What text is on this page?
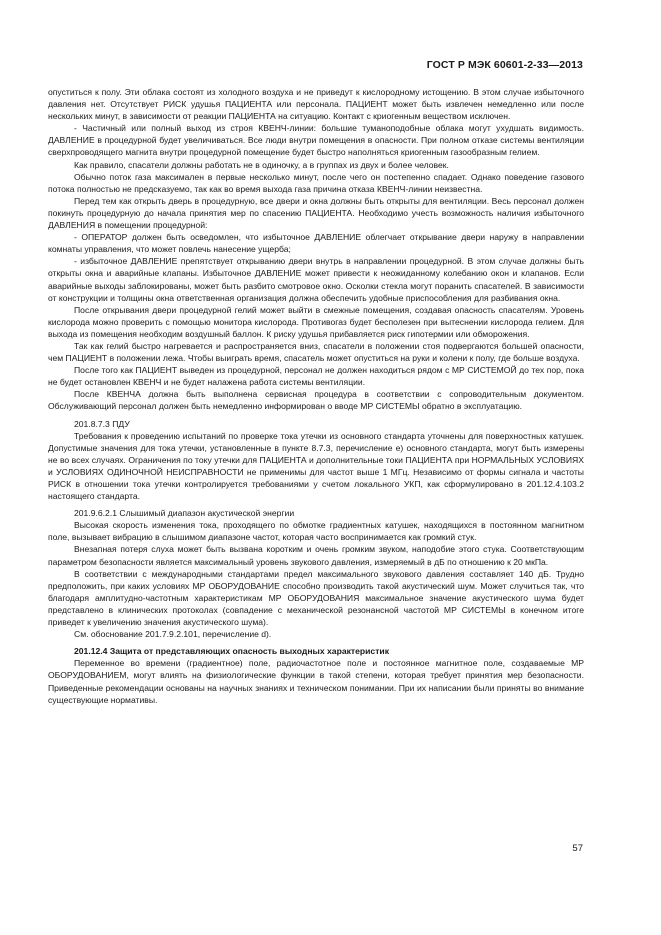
ГОСТ Р МЭК 60601-2-33—2013

опуститься к полу. Эти облака состоят из холодного воздуха и не приведут к кислородному истощению. В этом случае избыточного давления нет. Отсутствует РИСК удушья ПАЦИЕНТА или персонала. ПАЦИЕНТ может быть извлечен немедленно или после нескольких минут, в зависимости от реакции ПАЦИЕНТА на ситуацию. Контакт с криогенным веществом исключен.

- Частичный или полный выход из строя КВЕНЧ-линии: большие туманоподобные облака могут ухудшать видимость. ДАВЛЕНИЕ в процедурной будет увеличиваться. Все люди внутри помещения в опасности. При полном отказе системы вентиляции сверхпроводящего магнита внутри процедурной помещение будет быстро наполняться криогенным газообразным гелием.

Как правило, спасатели должны работать не в одиночку, а в группах из двух и более человек.

Обычно поток газа максимален в первые несколько минут, после чего он постепенно спадает. Однако поведение газового потока полностью не предсказуемо, так как во время выхода газа причина отказа КВЕНЧ-линии неизвестна.

Перед тем как открыть дверь в процедурную, все двери и окна должны быть открыты для вентиляции. Весь персонал должен покинуть процедурную до начала принятия мер по спасению ПАЦИЕНТА. Необходимо учесть возможность наличия избыточного ДАВЛЕНИЯ в помещении процедурной:

- ОПЕРАТОР должен быть осведомлен, что избыточное ДАВЛЕНИЕ облегчает открывание двери наружу в направлении комнаты управления, что может повлечь нанесение ущерба;

- избыточное ДАВЛЕНИЕ препятствует открыванию двери внутрь в направлении процедурной. В этом случае должны быть открыты окна и аварийные клапаны. Избыточное ДАВЛЕНИЕ может привести к неожиданному колебанию окон и клапанов. Если аварийные выходы заблокированы, может быть разбито смотровое окно. Осколки стекла могут поранить спасателей. В зависимости от конструкции и толщины окна ответственная организация должна обеспечить удобные приспособления для разбивания окна.

После открывания двери процедурной гелий может выйти в смежные помещения, создавая опасность спасателям. Уровень кислорода можно проверить с помощью монитора кислорода. Противогаз будет бесполезен при вытеснении кислорода гелием. Для выхода из помещения необходим воздушный баллон. К риску удушья прибавляется риск гипотермии или обморожения.

Так как гелий быстро нагревается и распространяется вниз, спасатели в положении стоя подвергаются большей опасности, чем ПАЦИЕНТ в положении лежа. Чтобы выиграть время, спасатель может опуститься на руки и колени к полу, где больше воздуха.

После того как ПАЦИЕНТ выведен из процедурной, персонал не должен находиться рядом с МР СИСТЕМОЙ до тех пор, пока не будет остановлен КВЕНЧ и не будет налажена работа системы вентиляции.

После КВЕНЧА должна быть выполнена сервисная процедура в соответствии с сопроводительным документом. Обслуживающий персонал должен быть немедленно информирован о вводе МР СИСТЕМЫ обратно в эксплуатацию.

201.8.7.3 ПДУ

Требования к проведению испытаний по проверке тока утечки из основного стандарта уточнены для поверхностных катушек. Допустимые значения для тока утечки, установленные в пункте 8.7.3, перечисление е) основного стандарта, могут быть измерены не во всех случаях. Ограничения по току утечки для ПАЦИЕНТА и дополнительные токи ПАЦИЕНТА при НОРМАЛЬНЫХ УСЛОВИЯХ и УСЛОВИЯХ ОДИНОЧНОЙ НЕИСПРАВНОСТИ не применимы для частот выше 1 МГц. Независимо от формы сигнала и частоты РИСК в отношении тока утечки контролируется требованиями у счетом локального УКП, как сформулировано в 201.12.4.103.2 настоящего стандарта.

201.9.6.2.1 Слышимый диапазон акустической энергии

Высокая скорость изменения тока, проходящего по обмотке градиентных катушек, находящихся в постоянном магнитном поле, вызывает вибрацию в слышимом диапазоне частот, которая часто воспринимается как громкий стук.

Внезапная потеря слуха может быть вызвана коротким и очень громким звуком, наподобие этого стука. Соответствующим параметром безопасности является максимальный уровень звукового давления, измеряемый в дБ по отношению к 20 мкПа.

В соответствии с международными стандартами предел максимального звукового давления составляет 140 дБ. Трудно предположить, при каких условиях МР ОБОРУДОВАНИЕ способно производить такой акустический шум. Может случиться так, что благодаря амплитудно-частотным характеристикам МР ОБОРУДОВАНИЯ максимальное значение акустического шума будет представлено в клинических протоколах (совпадение с механической резонансной частотой МР СИСТЕМЫ в конечном итоге приведет к увеличению значения акустического шума).

См. обоснование 201.7.9.2.101, перечисление d).

201.12.4 Защита от представляющих опасность выходных характеристик

Переменное во времени (градиентное) поле, радиочастотное поле и постоянное магнитное поле, создаваемые МР ОБОРУДОВАНИЕМ, могут влиять на физиологические функции в такой степени, которая требует принятия мер безопасности. Приведенные рекомендации основаны на научных знаниях и техническом понимании. При их написании были приняты во внимание существующие нормативы.

57
